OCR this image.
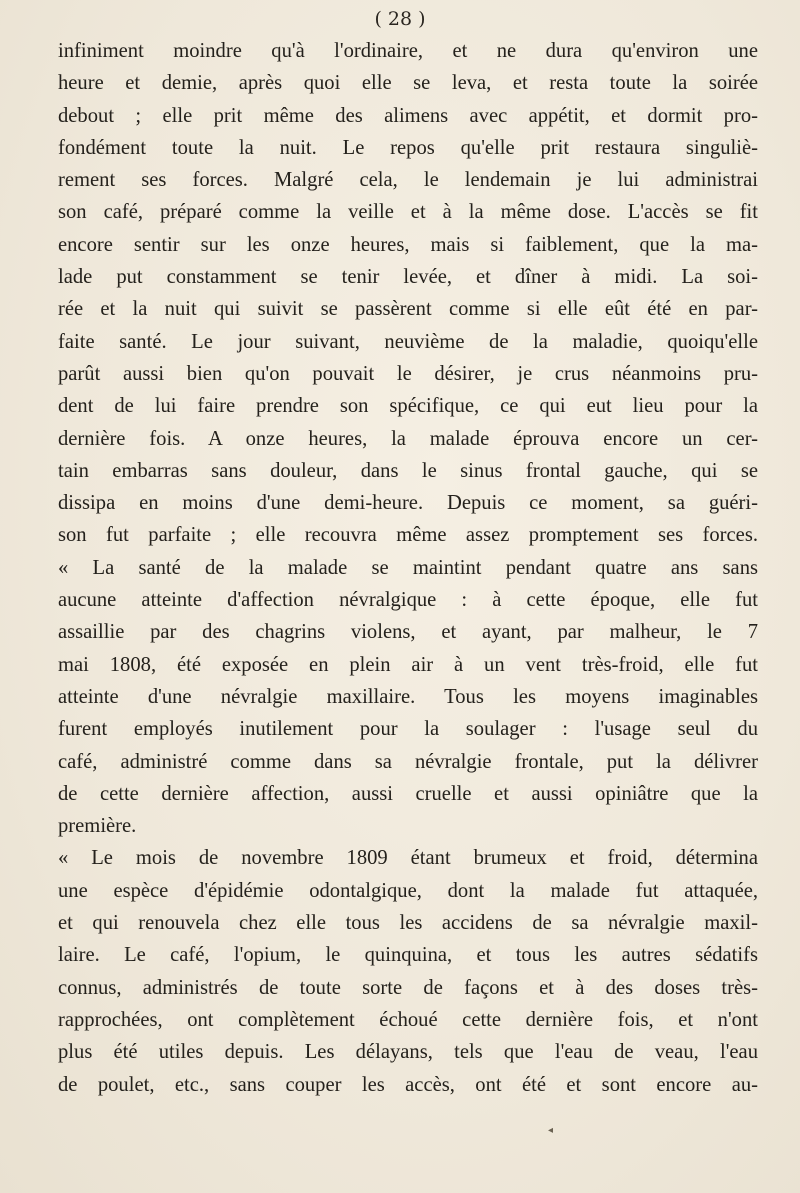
( 28 )
infiniment moindre qu'à l'ordinaire, et ne dura qu'environ une
heure et demie, après quoi elle se leva, et resta toute la soirée
debout ; elle prit même des alimens avec appétit, et dormit pro-
fondément toute la nuit. Le repos qu'elle prit restaura singuliè-
rement ses forces. Malgré cela, le lendemain je lui administrai
son café, préparé comme la veille et à la même dose. L'accès se fit
encore sentir sur les onze heures, mais si faiblement, que la ma-
lade put constamment se tenir levée, et dîner à midi. La soi-
rée et la nuit qui suivit se passèrent comme si elle eût été en par-
faite santé. Le jour suivant, neuvième de la maladie, quoiqu'elle
parût aussi bien qu'on pouvait le désirer, je crus néanmoins pru-
dent de lui faire prendre son spécifique, ce qui eut lieu pour la
dernière fois. A onze heures, la malade éprouva encore un cer-
tain embarras sans douleur, dans le sinus frontal gauche, qui se
dissipa en moins d'une demi-heure. Depuis ce moment, sa guéri-
son fut parfaite ; elle recouvra même assez promptement ses forces.
« La santé de la malade se maintint pendant quatre ans sans
aucune atteinte d'affection névralgique : à cette époque, elle fut
assaillie par des chagrins violens, et ayant, par malheur, le 7
mai 1808, été exposée en plein air à un vent très-froid, elle fut
atteinte d'une névralgie maxillaire. Tous les moyens imaginables
furent employés inutilement pour la soulager : l'usage seul du
café, administré comme dans sa névralgie frontale, put la délivrer
de cette dernière affection, aussi cruelle et aussi opiniâtre que la
première.
« Le mois de novembre 1809 étant brumeux et froid, détermina
une espèce d'épidémie odontalgique, dont la malade fut attaquée,
et qui renouvela chez elle tous les accidens de sa névralgie maxil-
laire. Le café, l'opium, le quinquina, et tous les autres sédatifs
connus, administrés de toute sorte de façons et à des doses très-
rapprochées, ont complètement échoué cette dernière fois, et n'ont
plus été utiles depuis. Les délayans, tels que l'eau de veau, l'eau
de poulet, etc., sans couper les accès, ont été et sont encore au-
◂
